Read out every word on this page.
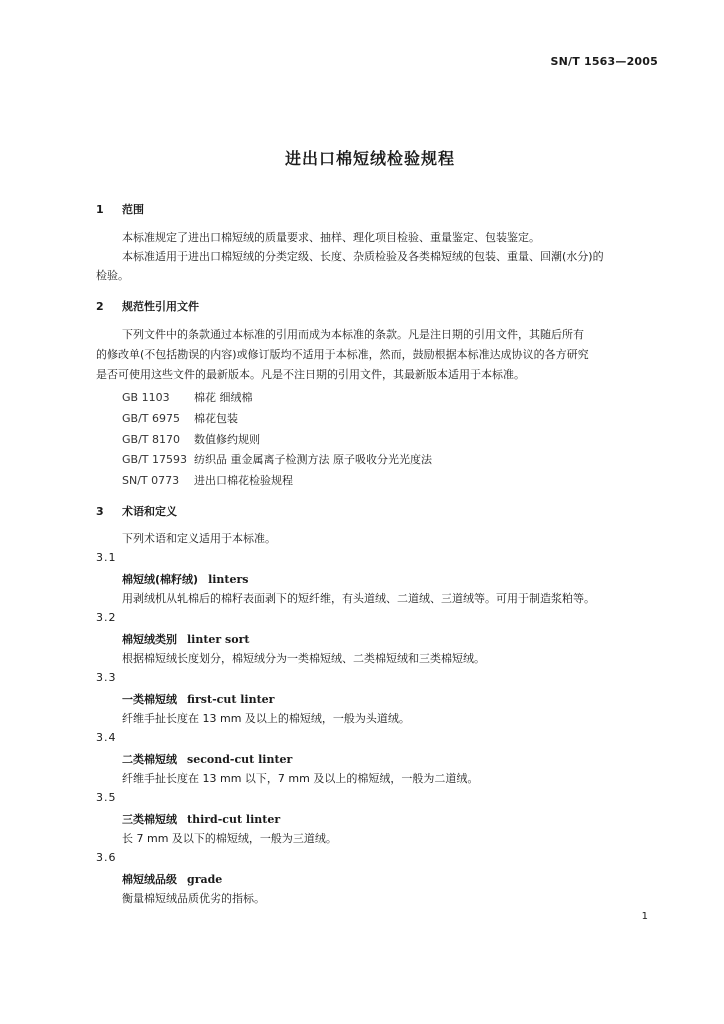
SN/T 1563—2005
进出口棉短绒检验规程
1 范围
本标准规定了进出口棉短绒的质量要求、抽样、理化项目检验、重量鉴定、包装鉴定。
本标准适用于进出口棉短绒的分类定级、长度、杂质检验及各类棉短绒的包装、重量、回潮(水分)的
检验。
2 规范性引用文件
下列文件中的条款通过本标准的引用而成为本标准的条款。凡是注日期的引用文件，其随后所有
的修改单(不包括勘误的内容)或修订版均不适用于本标准，然而，鼓励根据本标准达成协议的各方研究
是否可使用这些文件的最新版本。凡是不注日期的引用文件，其最新版本适用于本标准。
GB 1103 棉花 细绒棉
GB/T 6975 棉花包装
GB/T 8170 数值修约规则
GB/T 17593 纺织品 重金属离子检测方法 原子吸收分光光度法
SN/T 0773 进出口棉花检验规程
3 术语和定义
下列术语和定义适用于本标准。
3.1
棉短绒(棉籽绒) linters
用剥绒机从轧棉后的棉籽表面剥下的短纤维，有头道绒、二道绒、三道绒等。可用于制造浆粕等。
3.2
棉短绒类别 linter sort
根据棉短绒长度划分，棉短绒分为一类棉短绒、二类棉短绒和三类棉短绒。
3.3
一类棉短绒 first-cut linter
纤维手扯长度在 13 mm 及以上的棉短绒，一般为头道绒。
3.4
二类棉短绒 second-cut linter
纤维手扯长度在 13 mm 以下，7 mm 及以上的棉短绒，一般为二道绒。
3.5
三类棉短绒 third-cut linter
长 7 mm 及以下的棉短绒，一般为三道绒。
3.6
棉短绒品级 grade
衡量棉短绒品质优劣的指标。
1
